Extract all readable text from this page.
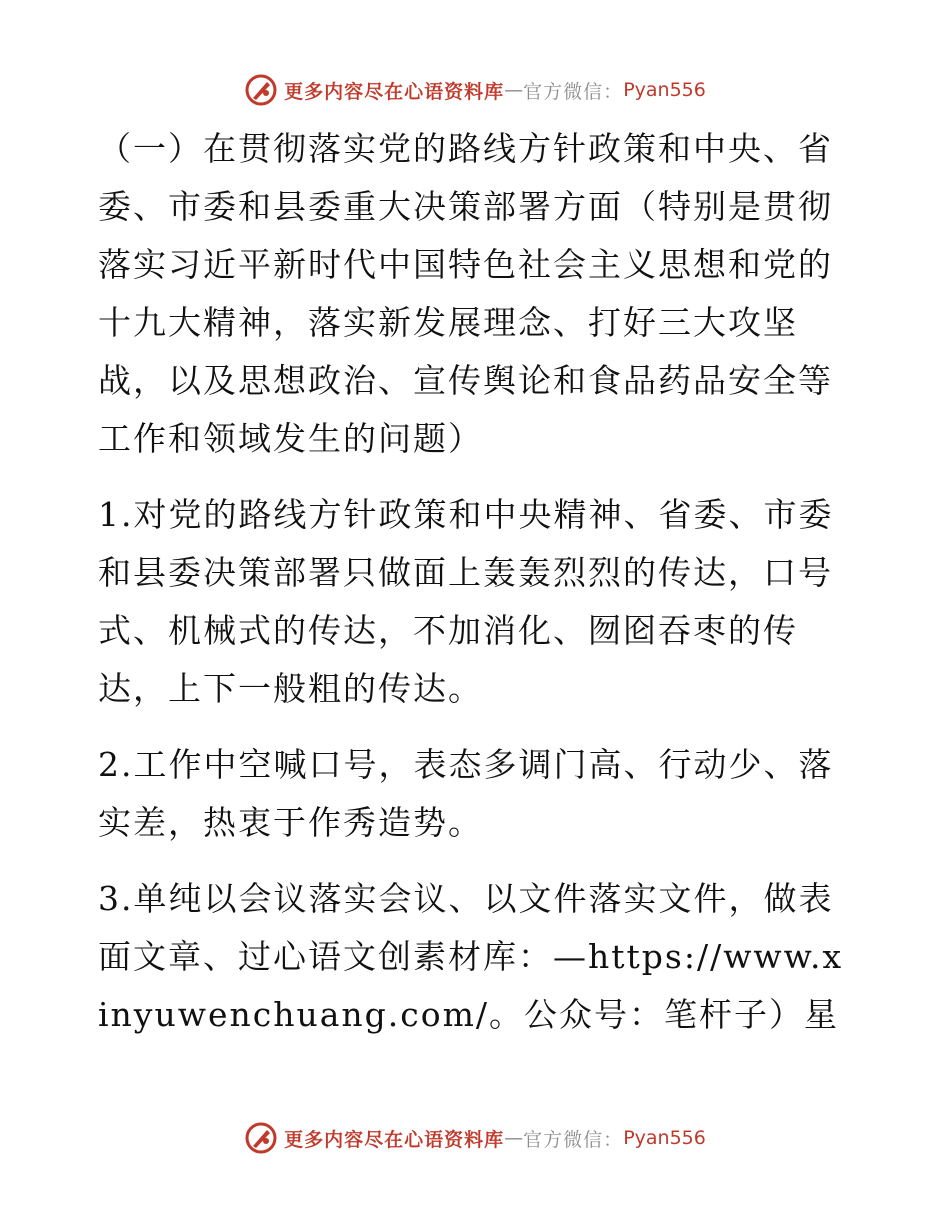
更多内容尽在心语资料库 — 官方微信： Pyan556

（一）在贯彻落实党的路线方针政策和中央、省委、市委和县委重大决策部署方面（特别是贯彻落实习近平新时代中国特色社会主义思想和党的十九大精神，落实新发展理念、打好三大攻坚战，以及思想政治、宣传舆论和食品药品安全等工作和领域发生的问题）

1.对党的路线方针政策和中央精神、省委、市委和县委决策部署只做面上轰轰烈烈的传达，口号式、机械式的传达，不加消化、囫囵吞枣的传达，上下一般粗的传达。

2.工作中空喊口号，表态多调门高、行动少、落实差，热衷于作秀造势。

3.单纯以会议落实会议、以文件落实文件，做表面文章、过心语文创素材库：—https://www.xinyuwenchuang.com/。公众号：笔杆子）星

更多内容尽在心语资料库 — 官方微信： Pyan556
